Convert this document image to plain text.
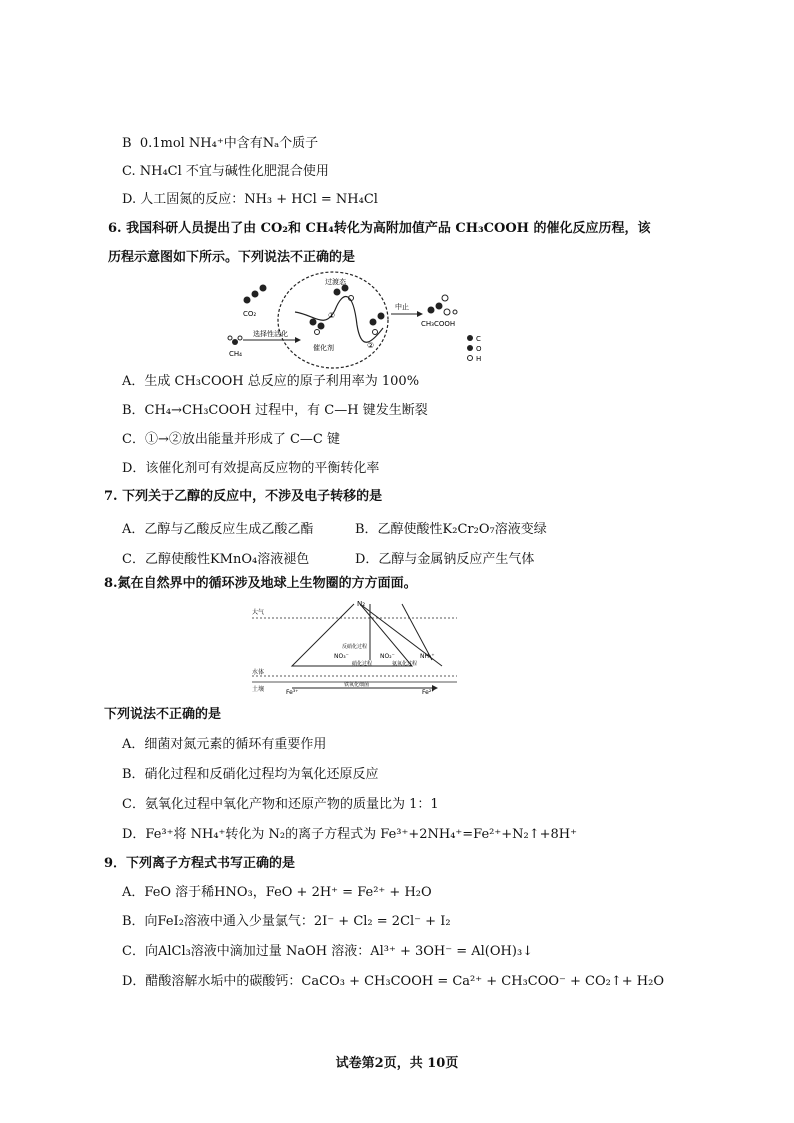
B  0.1mol NH₄⁺中含有Nₐ个质子
C. NH₄Cl 不宜与碱性化肥混合使用
D. 人工固氮的反应：NH₃ + HCl = NH₄Cl
6. 我国科研人员提出了由 CO₂和 CH₄转化为高附加值产品 CH₃COOH 的催化反应历程，该
历程示意图如下所示。下列说法不正确的是
CO₂
CH₄
选择性活化
过渡态
催化剂
①
②
中止
CH₃COOH
C
O
H
A．生成 CH₃COOH 总反应的原子利用率为 100%
B．CH₄→CH₃COOH 过程中，有 C—H 键发生断裂
C．①→②放出能量并形成了 C—C 键
D．该催化剂可有效提高反应物的平衡转化率
7. 下列关于乙醇的反应中，不涉及电子转移的是
A．乙醇与乙酸反应生成乙酸乙酯	B．乙醇使酸性K₂Cr₂O₇溶液变绿
C．乙醇使酸性KMnO₄溶液褪色	D．乙醇与金属钠反应产生气体
8.氮在自然界中的循环涉及地球上生物圈的方方面面。
大气
水体
土壤
N₂
NO₃⁻	NO₂⁻	NH₄⁺
反硝化过程
硝化过程	氨氧化过程
Fe³⁺	Fe²⁺
铁氧化细菌
下列说法不正确的是
A．细菌对氮元素的循环有重要作用
B．硝化过程和反硝化过程均为氧化还原反应
C．氨氧化过程中氧化产物和还原产物的质量比为 1：1
D．Fe³⁺将 NH₄⁺转化为 N₂的离子方程式为 Fe³⁺+2NH₄⁺=Fe²⁺+N₂↑+8H⁺
9．下列离子方程式书写正确的是
A．FeO 溶于稀HNO₃，FeO + 2H⁺ = Fe²⁺ + H₂O
B．向FeI₂溶液中通入少量氯气：2I⁻ + Cl₂ = 2Cl⁻ + I₂
C．向AlCl₃溶液中滴加过量 NaOH 溶液：Al³⁺ + 3OH⁻ = Al(OH)₃↓
D．醋酸溶解水垢中的碳酸钙：CaCO₃ + CH₃COOH = Ca²⁺ + CH₃COO⁻ + CO₂↑+ H₂O
试卷第2页，共 10页
